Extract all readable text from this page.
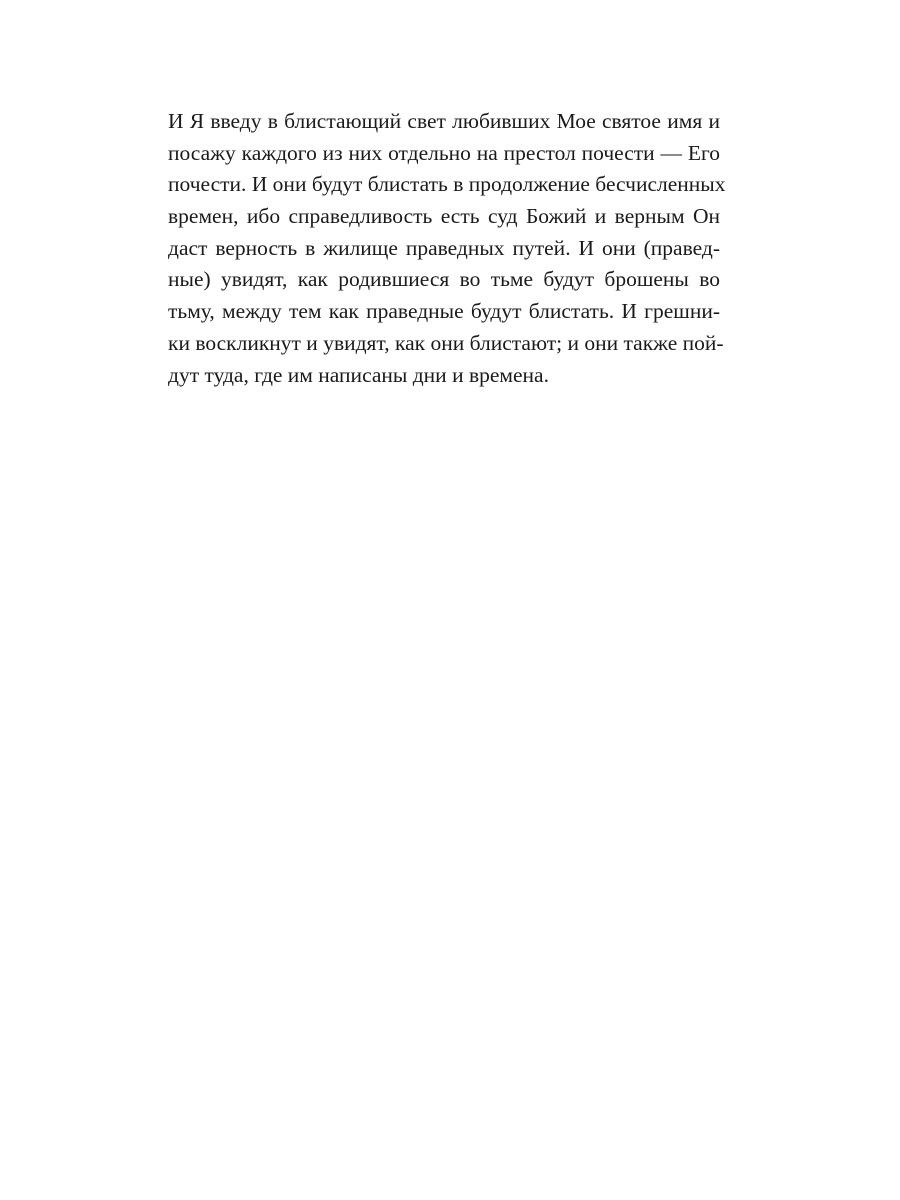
И Я введу в блистающий свет любивших Мое святое имя и
посажу каждого из них отдельно на престол почести — Его
почести. И они будут блистать в продолжение бесчисленных
времен, ибо справедливость есть суд Божий и верным Он
даст верность в жилище праведных путей. И они (правед-
ные) увидят, как родившиеся во тьме будут брошены во
тьму, между тем как праведные будут блистать. И грешни-
ки воскликнут и увидят, как они блистают; и они также пой-
дут туда, где им написаны дни и времена.
